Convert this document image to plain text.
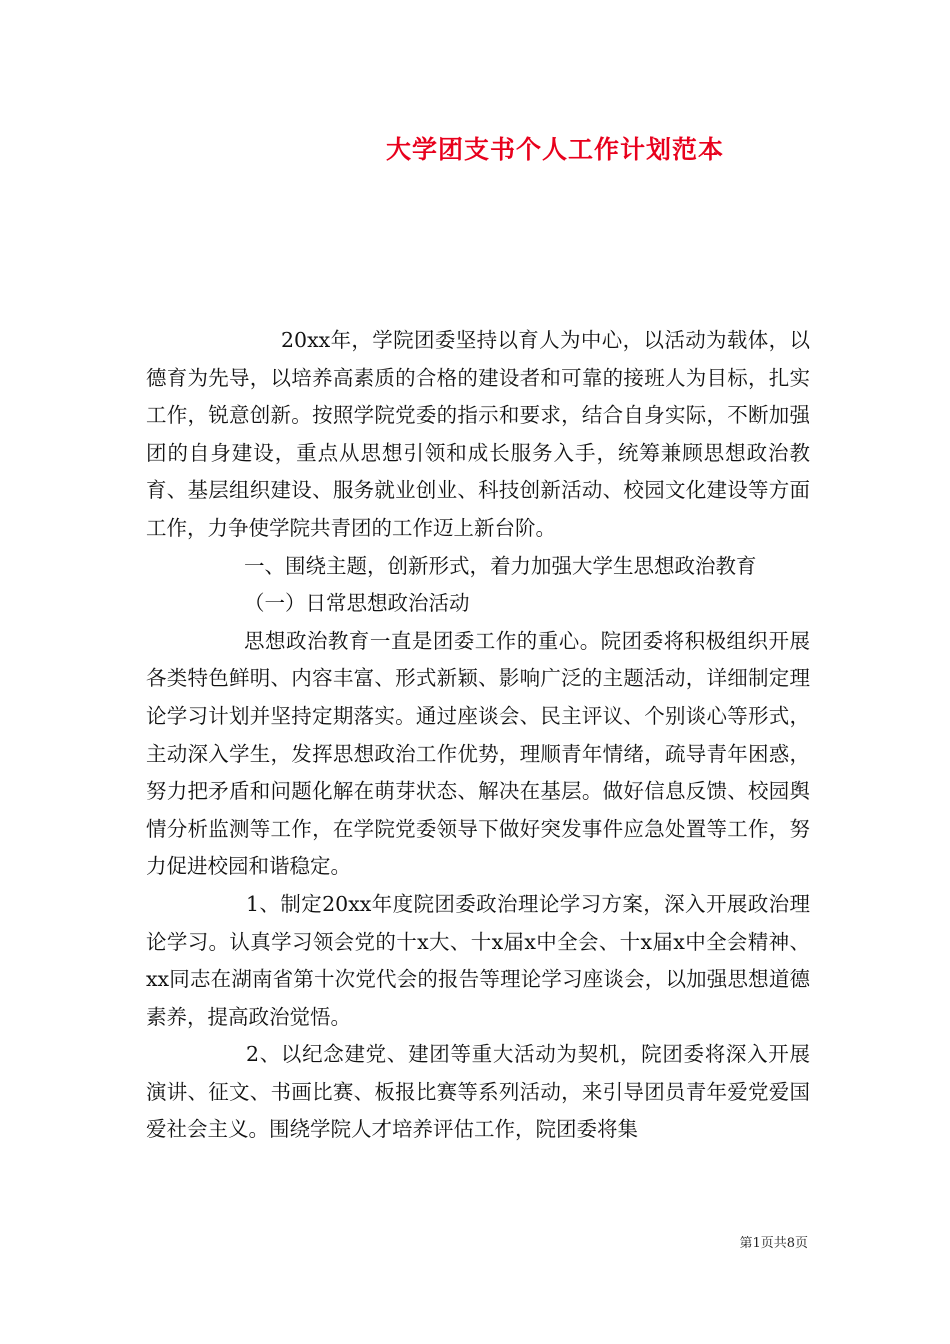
大学团支书个人工作计划范本

20xx年，学院团委坚持以育人为中心，以活动为载体，以德育为先导，以培养高素质的合格的建设者和可靠的接班人为目标，扎实工作，锐意创新。按照学院党委的指示和要求，结合自身实际，不断加强团的自身建设，重点从思想引领和成长服务入手，统筹兼顾思想政治教育、基层组织建设、服务就业创业、科技创新活动、校园文化建设等方面工作，力争使学院共青团的工作迈上新台阶。

一、围绕主题，创新形式，着力加强大学生思想政治教育

（一）日常思想政治活动

思想政治教育一直是团委工作的重心。院团委将积极组织开展各类特色鲜明、内容丰富、形式新颖、影响广泛的主题活动，详细制定理论学习计划并坚持定期落实。通过座谈会、民主评议、个别谈心等形式，主动深入学生，发挥思想政治工作优势，理顺青年情绪，疏导青年困惑，努力把矛盾和问题化解在萌芽状态、解决在基层。做好信息反馈、校园舆情分析监测等工作，在学院党委领导下做好突发事件应急处置等工作，努力促进校园和谐稳定。

1、制定20xx年度院团委政治理论学习方案，深入开展政治理论学习。认真学习领会党的十x大、十x届x中全会、十x届x中全会精神、xx同志在湖南省第十次党代会的报告等理论学习座谈会，以加强思想道德素养，提高政治觉悟。

2、以纪念建党、建团等重大活动为契机，院团委将深入开展演讲、征文、书画比赛、板报比赛等系列活动，来引导团员青年爱党爱国爱社会主义。围绕学院人才培养评估工作，院团委将集

第1页共8页
